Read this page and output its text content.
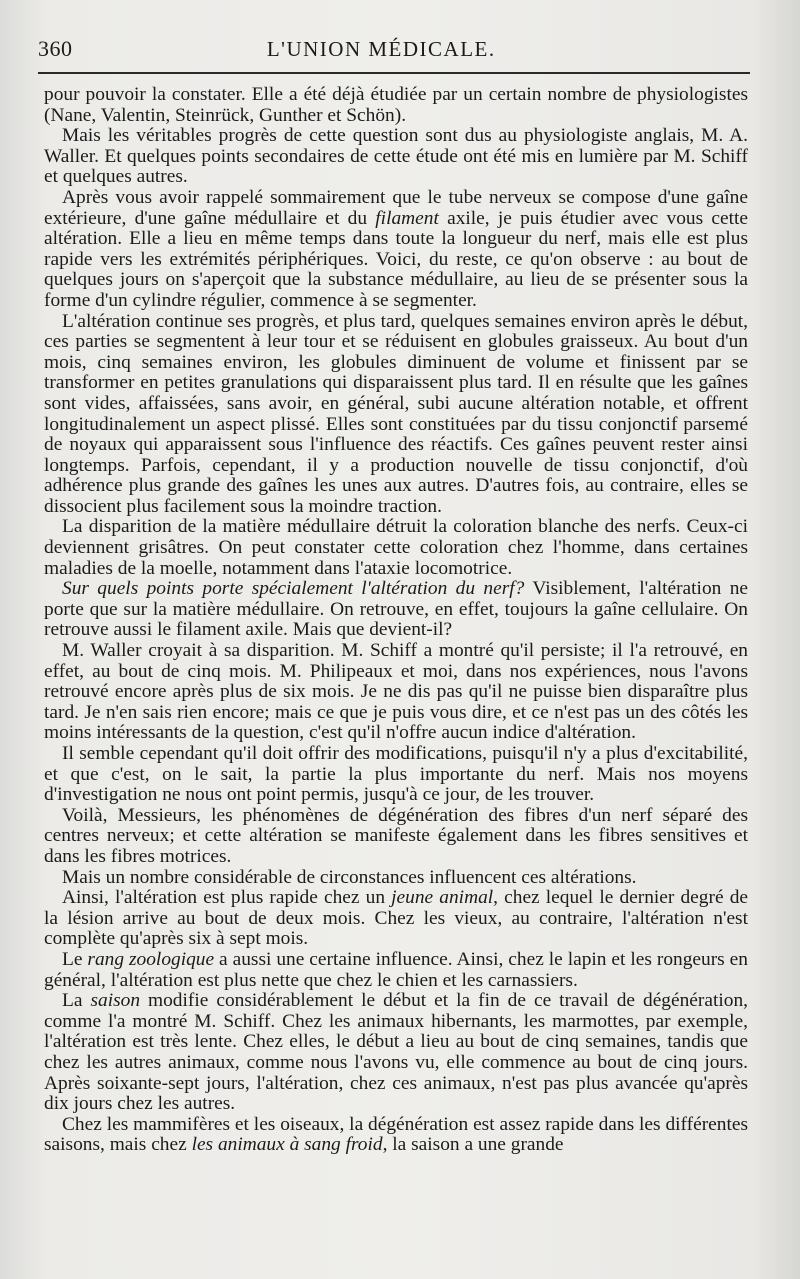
360	L'UNION MÉDICALE.

pour pouvoir la constater. Elle a été déjà étudiée par un certain nombre de physiologistes (Nane, Valentin, Steinrück, Gunther et Schön).

Mais les véritables progrès de cette question sont dus au physiologiste anglais, M. A. Waller. Et quelques points secondaires de cette étude ont été mis en lumière par M. Schiff et quelques autres.

Après vous avoir rappelé sommairement que le tube nerveux se compose d'une gaîne extérieure, d'une gaîne médullaire et du filament axile, je puis étudier avec vous cette altération. Elle a lieu en même temps dans toute la longueur du nerf, mais elle est plus rapide vers les extrémités périphériques. Voici, du reste, ce qu'on observe : au bout de quelques jours on s'aperçoit que la substance médullaire, au lieu de se présenter sous la forme d'un cylindre régulier, commence à se segmenter.

L'altération continue ses progrès, et plus tard, quelques semaines environ après le début, ces parties se segmentent à leur tour et se réduisent en globules graisseux. Au bout d'un mois, cinq semaines environ, les globules diminuent de volume et finissent par se transformer en petites granulations qui disparaissent plus tard. Il en résulte que les gaînes sont vides, affaissées, sans avoir, en général, subi aucune altération notable, et offrent longitudinalement un aspect plissé. Elles sont constituées par du tissu conjonctif parsemé de noyaux qui apparaissent sous l'influence des réactifs. Ces gaînes peuvent rester ainsi longtemps. Parfois, cependant, il y a production nouvelle de tissu conjonctif, d'où adhérence plus grande des gaînes les unes aux autres. D'autres fois, au contraire, elles se dissocient plus facilement sous la moindre traction.

La disparition de la matière médullaire détruit la coloration blanche des nerfs. Ceux-ci deviennent grisâtres. On peut constater cette coloration chez l'homme, dans certaines maladies de la moelle, notamment dans l'ataxie locomotrice.

Sur quels points porte spécialement l'altération du nerf? Visiblement, l'altération ne porte que sur la matière médullaire. On retrouve, en effet, toujours la gaîne cellulaire. On retrouve aussi le filament axile. Mais que devient-il?

M. Waller croyait à sa disparition. M. Schiff a montré qu'il persiste; il l'a retrouvé, en effet, au bout de cinq mois. M. Philipeaux et moi, dans nos expériences, nous l'avons retrouvé encore après plus de six mois. Je ne dis pas qu'il ne puisse bien disparaître plus tard. Je n'en sais rien encore; mais ce que je puis vous dire, et ce n'est pas un des côtés les moins intéressants de la question, c'est qu'il n'offre aucun indice d'altération.

Il semble cependant qu'il doit offrir des modifications, puisqu'il n'y a plus d'excitabilité, et que c'est, on le sait, la partie la plus importante du nerf. Mais nos moyens d'investigation ne nous ont point permis, jusqu'à ce jour, de les trouver.

Voilà, Messieurs, les phénomènes de dégénération des fibres d'un nerf séparé des centres nerveux; et cette altération se manifeste également dans les fibres sensitives et dans les fibres motrices.

Mais un nombre considérable de circonstances influencent ces altérations.

Ainsi, l'altération est plus rapide chez un jeune animal, chez lequel le dernier degré de la lésion arrive au bout de deux mois. Chez les vieux, au contraire, l'altération n'est complète qu'après six à sept mois.

Le rang zoologique a aussi une certaine influence. Ainsi, chez le lapin et les rongeurs en général, l'altération est plus nette que chez le chien et les carnassiers.

La saison modifie considérablement le début et la fin de ce travail de dégénération, comme l'a montré M. Schiff. Chez les animaux hibernants, les marmottes, par exemple, l'altération est très lente. Chez elles, le début a lieu au bout de cinq semaines, tandis que chez les autres animaux, comme nous l'avons vu, elle commence au bout de cinq jours. Après soixante-sept jours, l'altération, chez ces animaux, n'est pas plus avancée qu'après dix jours chez les autres.

Chez les mammifères et les oiseaux, la dégénération est assez rapide dans les différentes saisons, mais chez les animaux à sang froid, la saison a une grande
